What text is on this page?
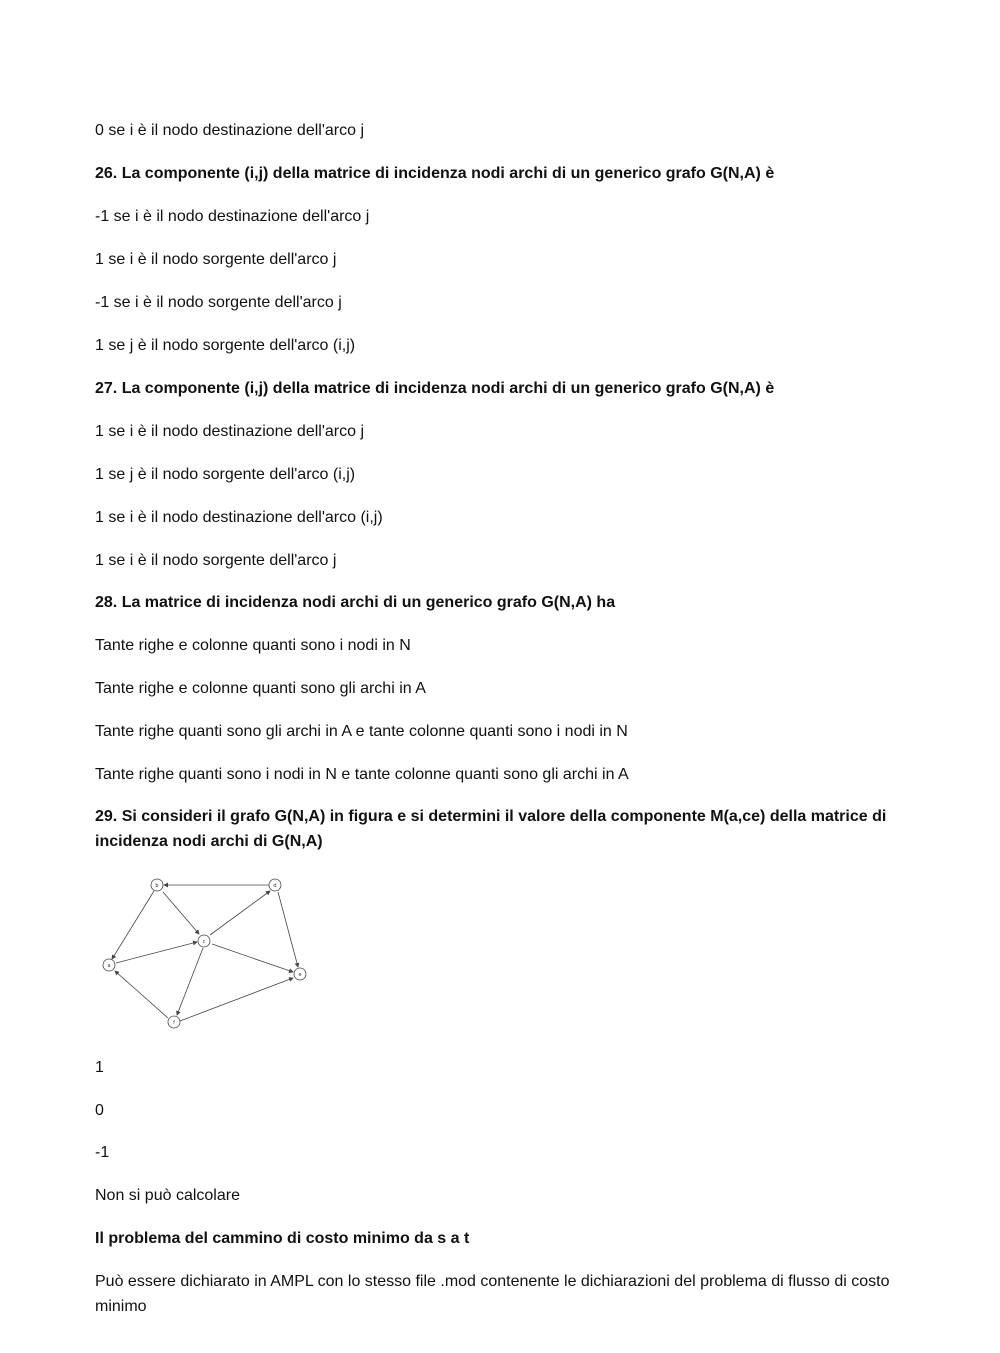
0 se i è il nodo destinazione dell'arco j
26. La componente (i,j) della matrice di incidenza nodi archi di un generico grafo G(N,A) è
-1 se i è il nodo destinazione dell'arco j
1 se i è il nodo sorgente dell'arco j
-1 se i è il nodo sorgente dell'arco j
1 se j è il nodo sorgente dell'arco (i,j)
27. La componente (i,j) della matrice di incidenza nodi archi di un generico grafo G(N,A) è
1 se i è il nodo destinazione dell'arco j
1 se j è il nodo sorgente dell'arco (i,j)
1 se i è il nodo destinazione dell'arco (i,j)
1 se i è il nodo sorgente dell'arco j
28. La matrice di incidenza nodi archi di un generico grafo G(N,A) ha
Tante righe e colonne quanti sono i nodi in N
Tante righe e colonne quanti sono gli archi in A
Tante righe quanti sono gli archi in A e tante colonne quanti sono i nodi in N
Tante righe quanti sono i nodi in N e tante colonne quanti sono gli archi in A
29. Si consideri il grafo G(N,A) in figura e si determini il valore della componente M(a,ce) della matrice di incidenza nodi archi di G(N,A)
a
b
c
d
e
f
1
0
-1
Non si può calcolare
Il problema del cammino di costo minimo da s a t
Può essere dichiarato in AMPL con lo stesso file .mod contenente le dichiarazioni del problema di flusso di costo minimo
